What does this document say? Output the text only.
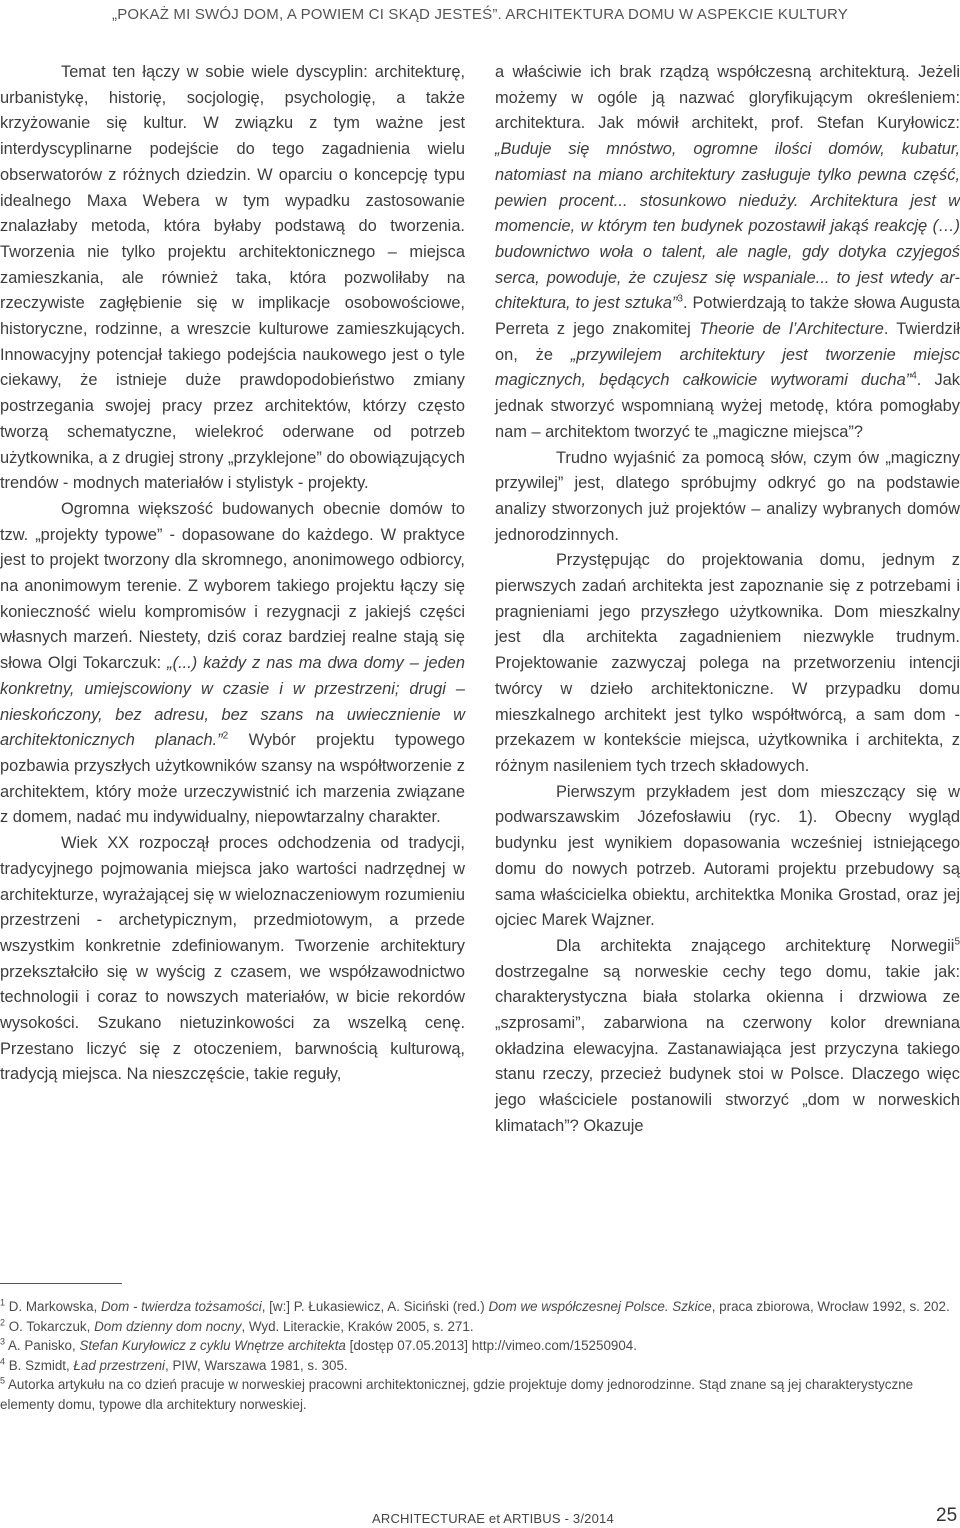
„POKAŻ MI SWÓJ DOM, A POWIEM CI SKĄD JESTEŚ”. ARCHITEKTURA DOMU W ASPEKCIE KULTURY

Temat ten łączy w sobie wiele dyscyplin: architekturę, urbanistykę, historię, socjologię, psychologię, a także krzyżowanie się kultur. W związku z tym ważne jest interdyscyplinarne podejście do tego zagadnienia wielu obserwatorów z różnych dziedzin. W oparciu o koncepcję typu idealnego Maxa Webera w tym wypadku zastosowanie znalazłaby metoda, która byłaby podstawą do tworzenia. Tworzenia nie tylko projektu architektonicznego – miejsca zamieszkania, ale również taka, która pozwoliłaby na rzeczywiste zagłębienie się w implikacje osobowościowe, historyczne, rodzinne, a wreszcie kulturowe zamieszkujących. Innowacyjny potencjał takiego podejścia naukowego jest o tyle ciekawy, że istnieje duże prawdopodobieństwo zmiany postrzegania swojej pracy przez architektów, którzy często tworzą schematyczne, wielekroć oderwane od potrzeb użytkownika, a z drugiej strony „przyklejone” do obowiązujących trendów - modnych materiałów i stylistyk - projekty.

Ogromna większość budowanych obecnie domów to tzw. „projekty typowe” - dopasowane do każdego. W praktyce jest to projekt tworzony dla skromnego, anonimowego odbiorcy, na anonimowym terenie. Z wyborem takiego projektu łączy się konieczność wielu kompromisów i rezygnacji z jakiejś części własnych marzeń. Niestety, dziś coraz bardziej realne stają się słowa Olgi Tokarczuk: „(...) każdy z nas ma dwa domy – jeden konkretny, umiejscowiony w czasie i w przestrzeni; drugi – nieskończony, bez adresu, bez szans na uwiecznienie w architektonicznych planach.”$^2$ Wybór projektu typowego pozbawia przyszłych użytkowników szansy na współtworzenie z architektem, który może urzeczywistnić ich marzenia związane z domem, nadać mu indywidualny, niepowtarzalny charakter.

Wiek XX rozpoczął proces odchodzenia od tradycji, tradycyjnego pojmowania miejsca jako wartości nadrzędnej w architekturze, wyrażającej się w wieloznaczeniowym rozumieniu przestrzeni - archetypicznym, przedmiotowym, a przede wszystkim konkretnie zdefiniowanym. Tworzenie architektury przekształciło się w wyścig z czasem, we współzawodnictwo technologii i coraz to nowszych materiałów, w bicie rekordów wysokości. Szukano nietuzinkowości za wszelką cenę. Przestano liczyć się z otoczeniem, barwnością kulturową, tradycją miejsca. Na nieszczęście, takie reguły,

a właściwie ich brak rządzą współczesną architekturą. Jeżeli możemy w ogóle ją nazwać gloryfikującym określeniem: architektura. Jak mówił architekt, prof. Stefan Kuryłowicz: „Buduje się mnóstwo, ogromne ilości domów, kubatur, natomiast na miano architektury zasługuje tylko pewna część, pewien procent... stosunkowo niedużу. Architektura jest w momencie, w którym ten budynek pozostawił jakąś reakcję (…) budownictwo woła o talent, ale nagle, gdy dotyka czyjegoś serca, powoduje, że czujesz się wspaniale... to jest wtedy architektura, to jest sztuka”$^3$. Potwierdzają to także słowa Augusta Perreta z jego znakomitej Theorie de l’Architecture. Twierdził on, że „przywilejem architektury jest tworzenie miejsc magicznych, będących całkowicie wytworami ducha”$^4$. Jak jednak stworzyć wspomnianą wyżej metodę, która pomogłaby nam – architektom tworzyć te „magiczne miejsca”?

Trudno wyjaśnić za pomocą słów, czym ów „magiczny przywilej” jest, dlatego spróbujmy odkryć go na podstawie analizy stworzonych już projektów – analizy wybranych domów jednorodzinnych.

Przystępując do projektowania domu, jednym z pierwszych zadań architekta jest zapoznanie się z potrzebami i pragnieniami jego przyszłego użytkownika. Dom mieszkalny jest dla architekta zagadnieniem niezwykle trudnym. Projektowanie zazwyczaj polega na przetworzeniu intencji twórcy w dzieło architektoniczne. W przypadku domu mieszkalnego architekt jest tylko współtwórcą, a sam dom - przekazem w kontekście miejsca, użytkownika i architekta, z różnym nasileniem tych trzech składowych.

Pierwszym przykładem jest dom mieszczący się w podwarszawskim Józefosławiu (ryc. 1). Obecny wygląd budynku jest wynikiem dopasowania wcześniej istniejącego domu do nowych potrzeb. Autorami projektu przebudowy są sama właścicielka obiektu, architektka Monika Grostad, oraz jej ojciec Marek Wajzner.

Dla architekta znającego architekturę Norwegii$^5$ dostrzegalne są norweskie cechy tego domu, takie jak: charakterystyczna biała stolarka okienna i drzwiowa ze „szprosami”, zabarwiona na czerwony kolor drewniana okładzina elewacyjna. Zastanawiająca jest przyczyna takiego stanu rzeczy, przecież budynek stoi w Polsce. Dlaczego więc jego właściciele postanowili stworzyć „dom w norweskich klimatach”? Okazuje

$^1$ D. Markowska, Dom - twierdza tożsamości, [w:] P. Łukasiewicz, A. Siciński (red.) Dom we współczesnej Polsce. Szkice, praca zbiorowa, Wrocław 1992, s. 202.

$^2$ O. Tokarczuk, Dom dzienny dom nocny, Wyd. Literackie, Kraków 2005, s. 271.

$^3$ A. Panisko, Stefan Kuryłowicz z cyklu Wnętrze architekta [dostęp 07.05.2013] http://vimeo.com/15250904.

$^4$ B. Szmidt, Ład przestrzeni, PIW, Warszawa 1981, s. 305.

$^5$ Autorka artykułu na co dzień pracuje w norweskiej pracowni architektonicznej, gdzie projektuje domy jednorodzinne. Stąd znane są jej charakterystyczne elementy domu, typowe dla architektury norweskiej.

ARCHITECTURAE et ARTIBUS - 3/2014	25
